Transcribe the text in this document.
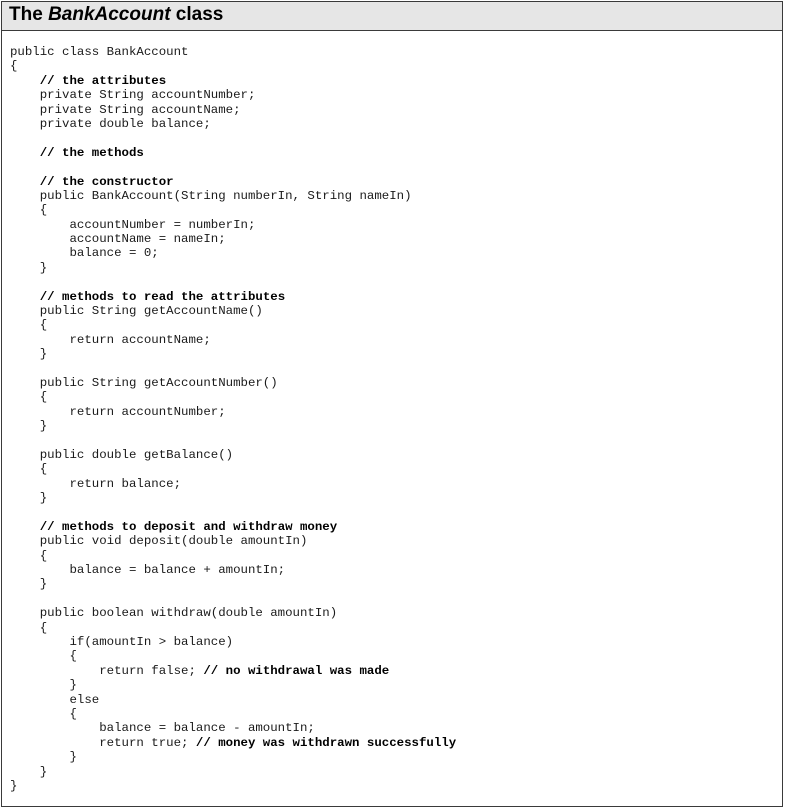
The BankAccount class
public class BankAccount
{
// the attributes
private String accountNumber;
private String accountName;
private double balance;
// the methods
// the constructor
public BankAccount(String numberIn, String nameIn)
{
accountNumber = numberIn;
accountName = nameIn;
balance = 0;
}
// methods to read the attributes
public String getAccountName()
{
return accountName;
}
public String getAccountNumber()
{
return accountNumber;
}
public double getBalance()
{
return balance;
}
// methods to deposit and withdraw money
public void deposit(double amountIn)
{
balance = balance + amountIn;
}
public boolean withdraw(double amountIn)
{
if(amountIn > balance)
{
return false; // no withdrawal was made
}
else
{
balance = balance - amountIn;
return true; // money was withdrawn successfully
}
}
}
